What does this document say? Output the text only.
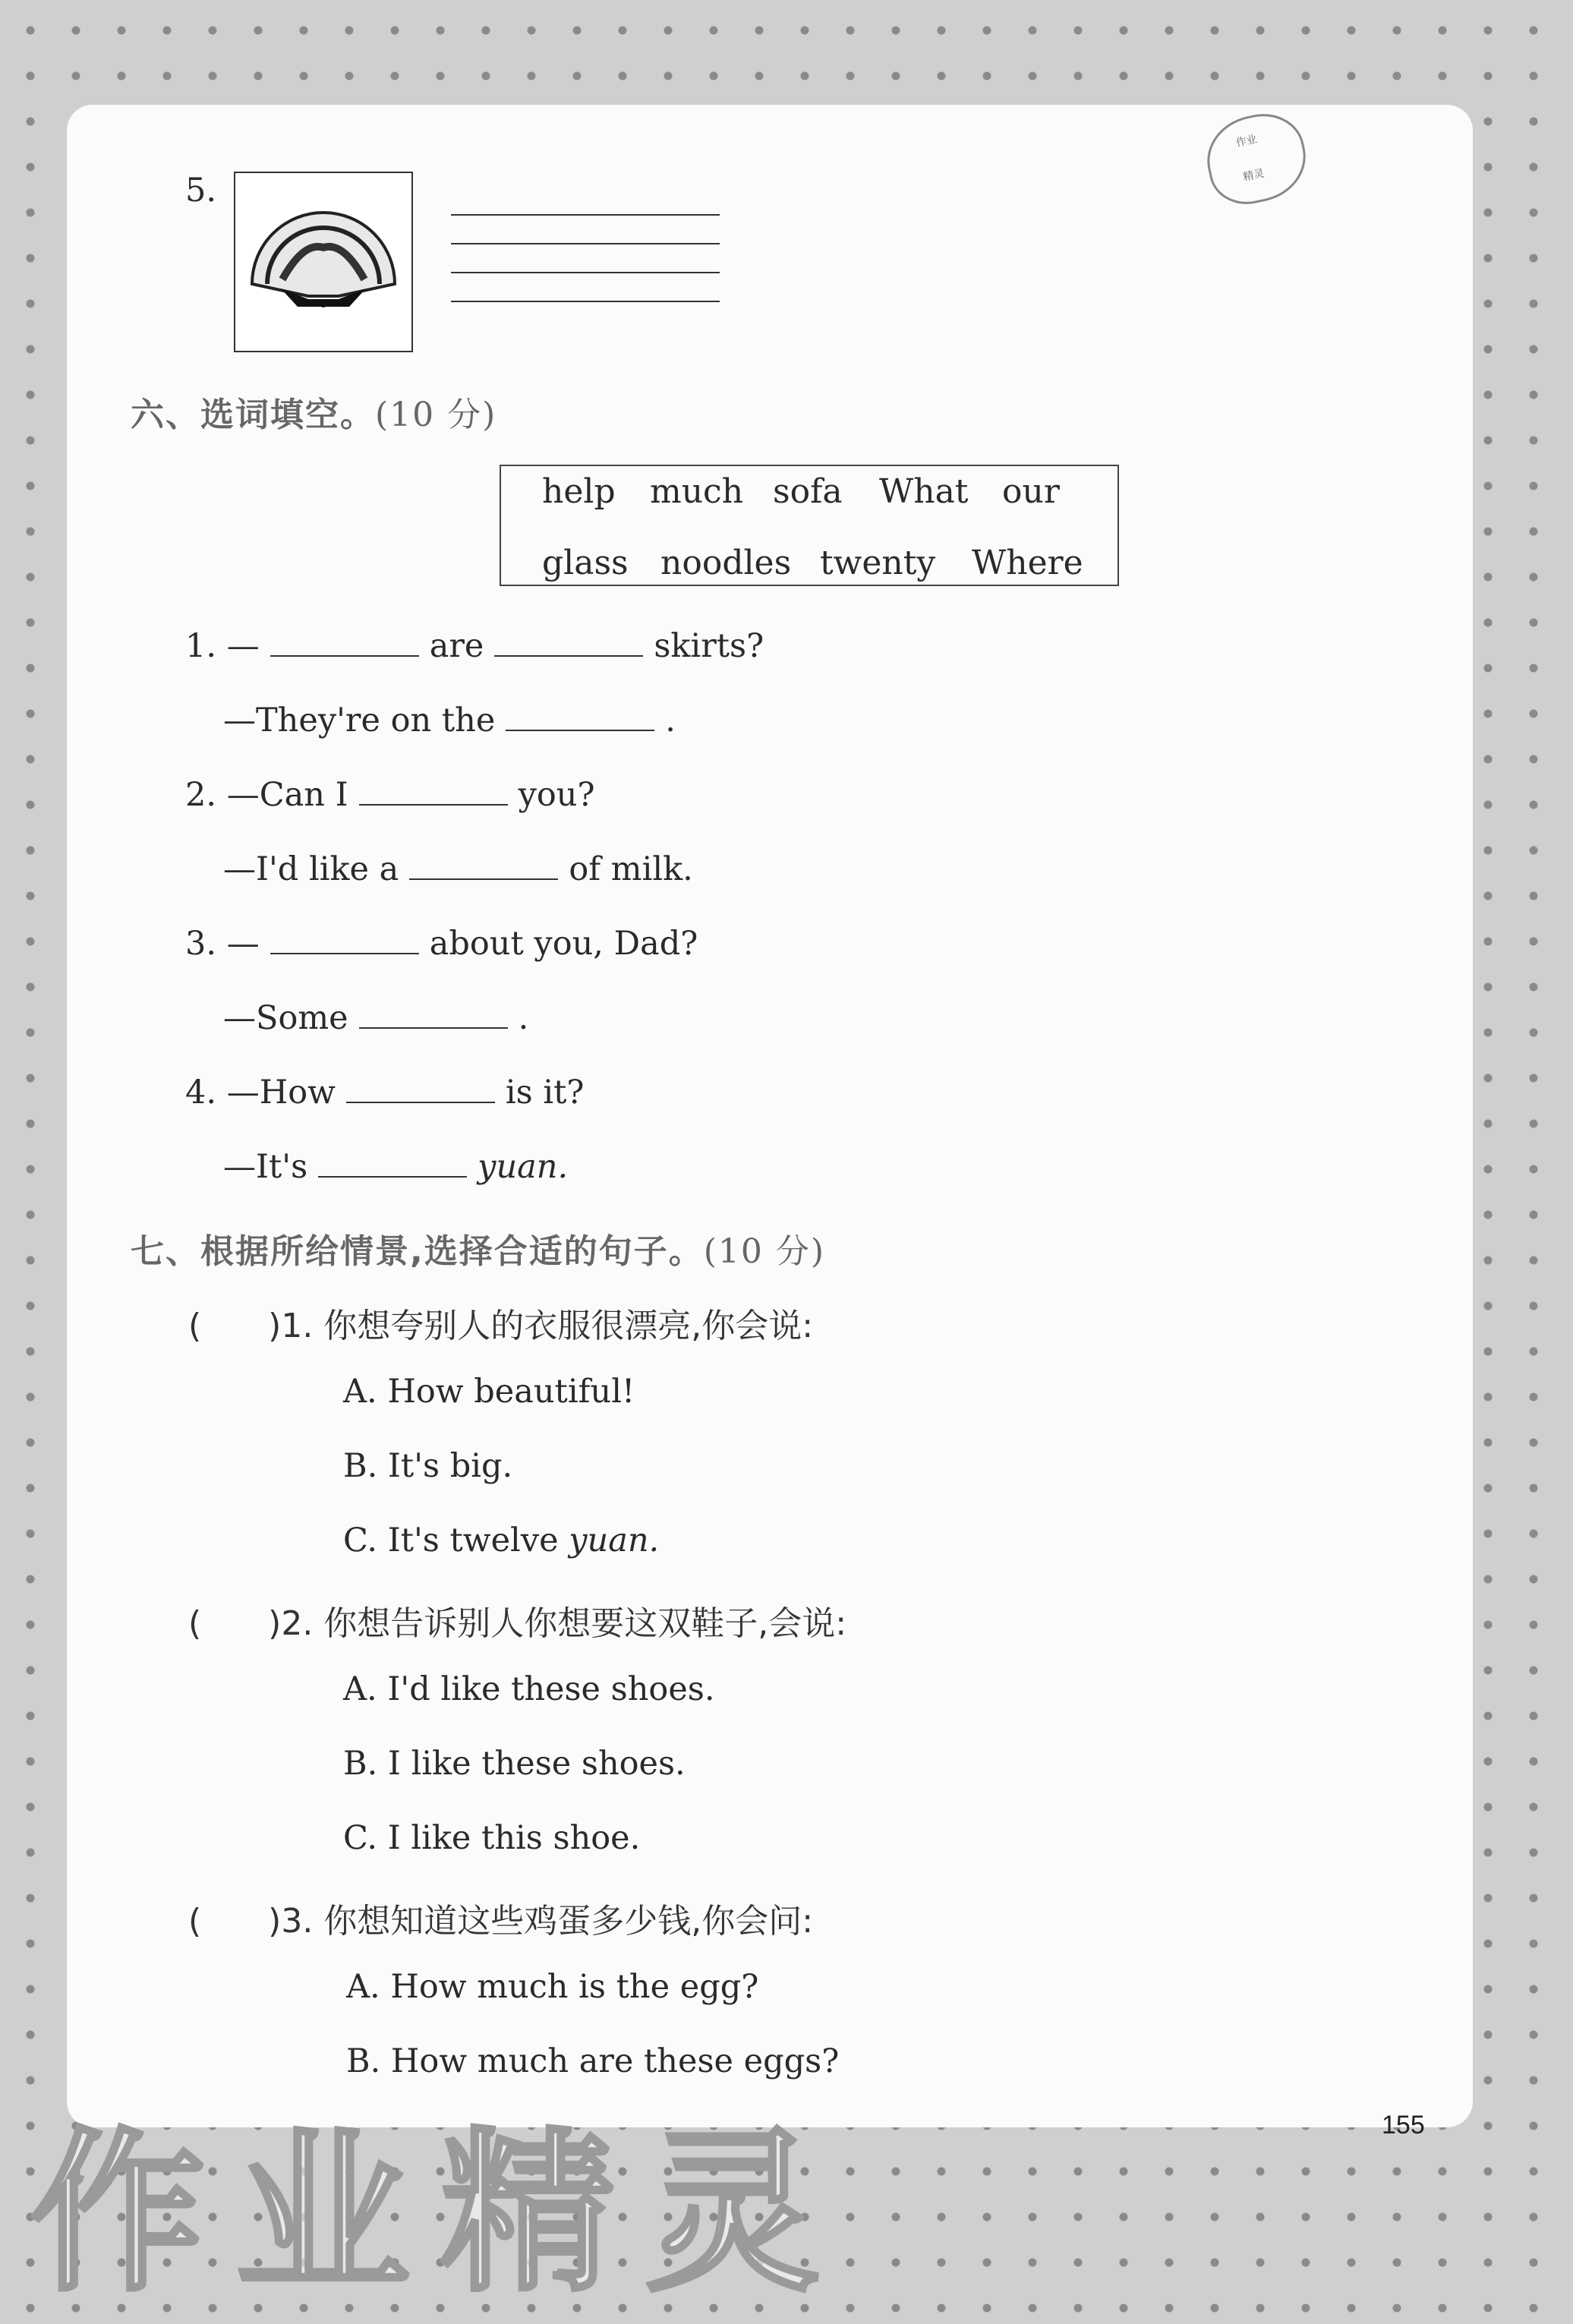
作业
精灵
5.
六、选词填空。(10 分)
help much sofa What our
glass noodles twenty Where
1. —	are	skirts?
—They're on the	.
2. —Can I	you?
—I'd like a	of milk.
3. —	about you, Dad?
—Some	.
4. —How	is it?
—It's	yuan.
七、根据所给情景,选择合适的句子。(10 分)
(　　)1. 你想夸别人的衣服很漂亮,你会说:
A. How beautiful!
B. It's big.
C. It's twelve yuan.
(　　)2. 你想告诉别人你想要这双鞋子,会说:
A. I'd like these shoes.
B. I like these shoes.
C. I like this shoe.
(　　)3. 你想知道这些鸡蛋多少钱,你会问:
A. How much is the egg?
B. How much are these eggs?
155
作业精灵
